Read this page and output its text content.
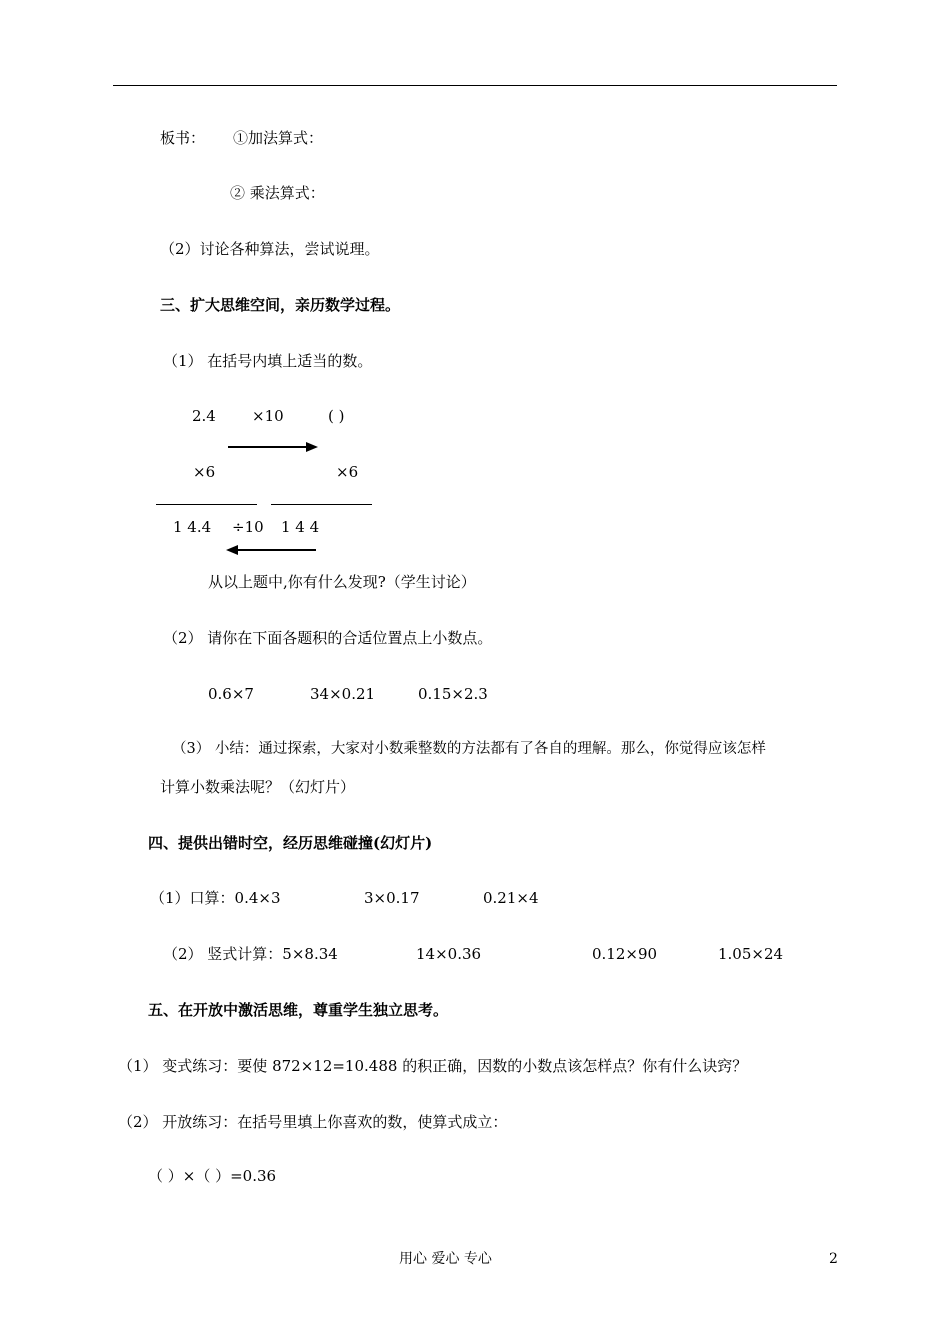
板书： ①加法算式：
② 乘法算式：
（2）讨论各种算法，尝试说理。
三、扩大思维空间，亲历数学过程。
（1） 在括号内填上适当的数。
2.4 ×10	( )
×6	×6
1 4.4 ÷10 1 4 4
从以上题中,你有什么发现?（学生讨论）
（2） 请你在下面各题积的合适位置点上小数点。
0.6×7	34×0.21	0.15×2.3
（3） 小结：通过探索，大家对小数乘整数的方法都有了各自的理解。那么，你觉得应该怎样
计算小数乘法呢？（幻灯片）
四、提供出错时空，经历思维碰撞(幻灯片)
（1）口算：0.4×3	3×0.17	0.21×4
（2） 竖式计算：5×8.34	14×0.36	0.12×90	1.05×24
五、在开放中激活思维，尊重学生独立思考。
（1） 变式练习：要使 872×12=10.488 的积正确，因数的小数点该怎样点？你有什么诀窍？
（2） 开放练习：在括号里填上你喜欢的数，使算式成立：
（ ）×（ ）=0.36
用心 爱心 专心	2
